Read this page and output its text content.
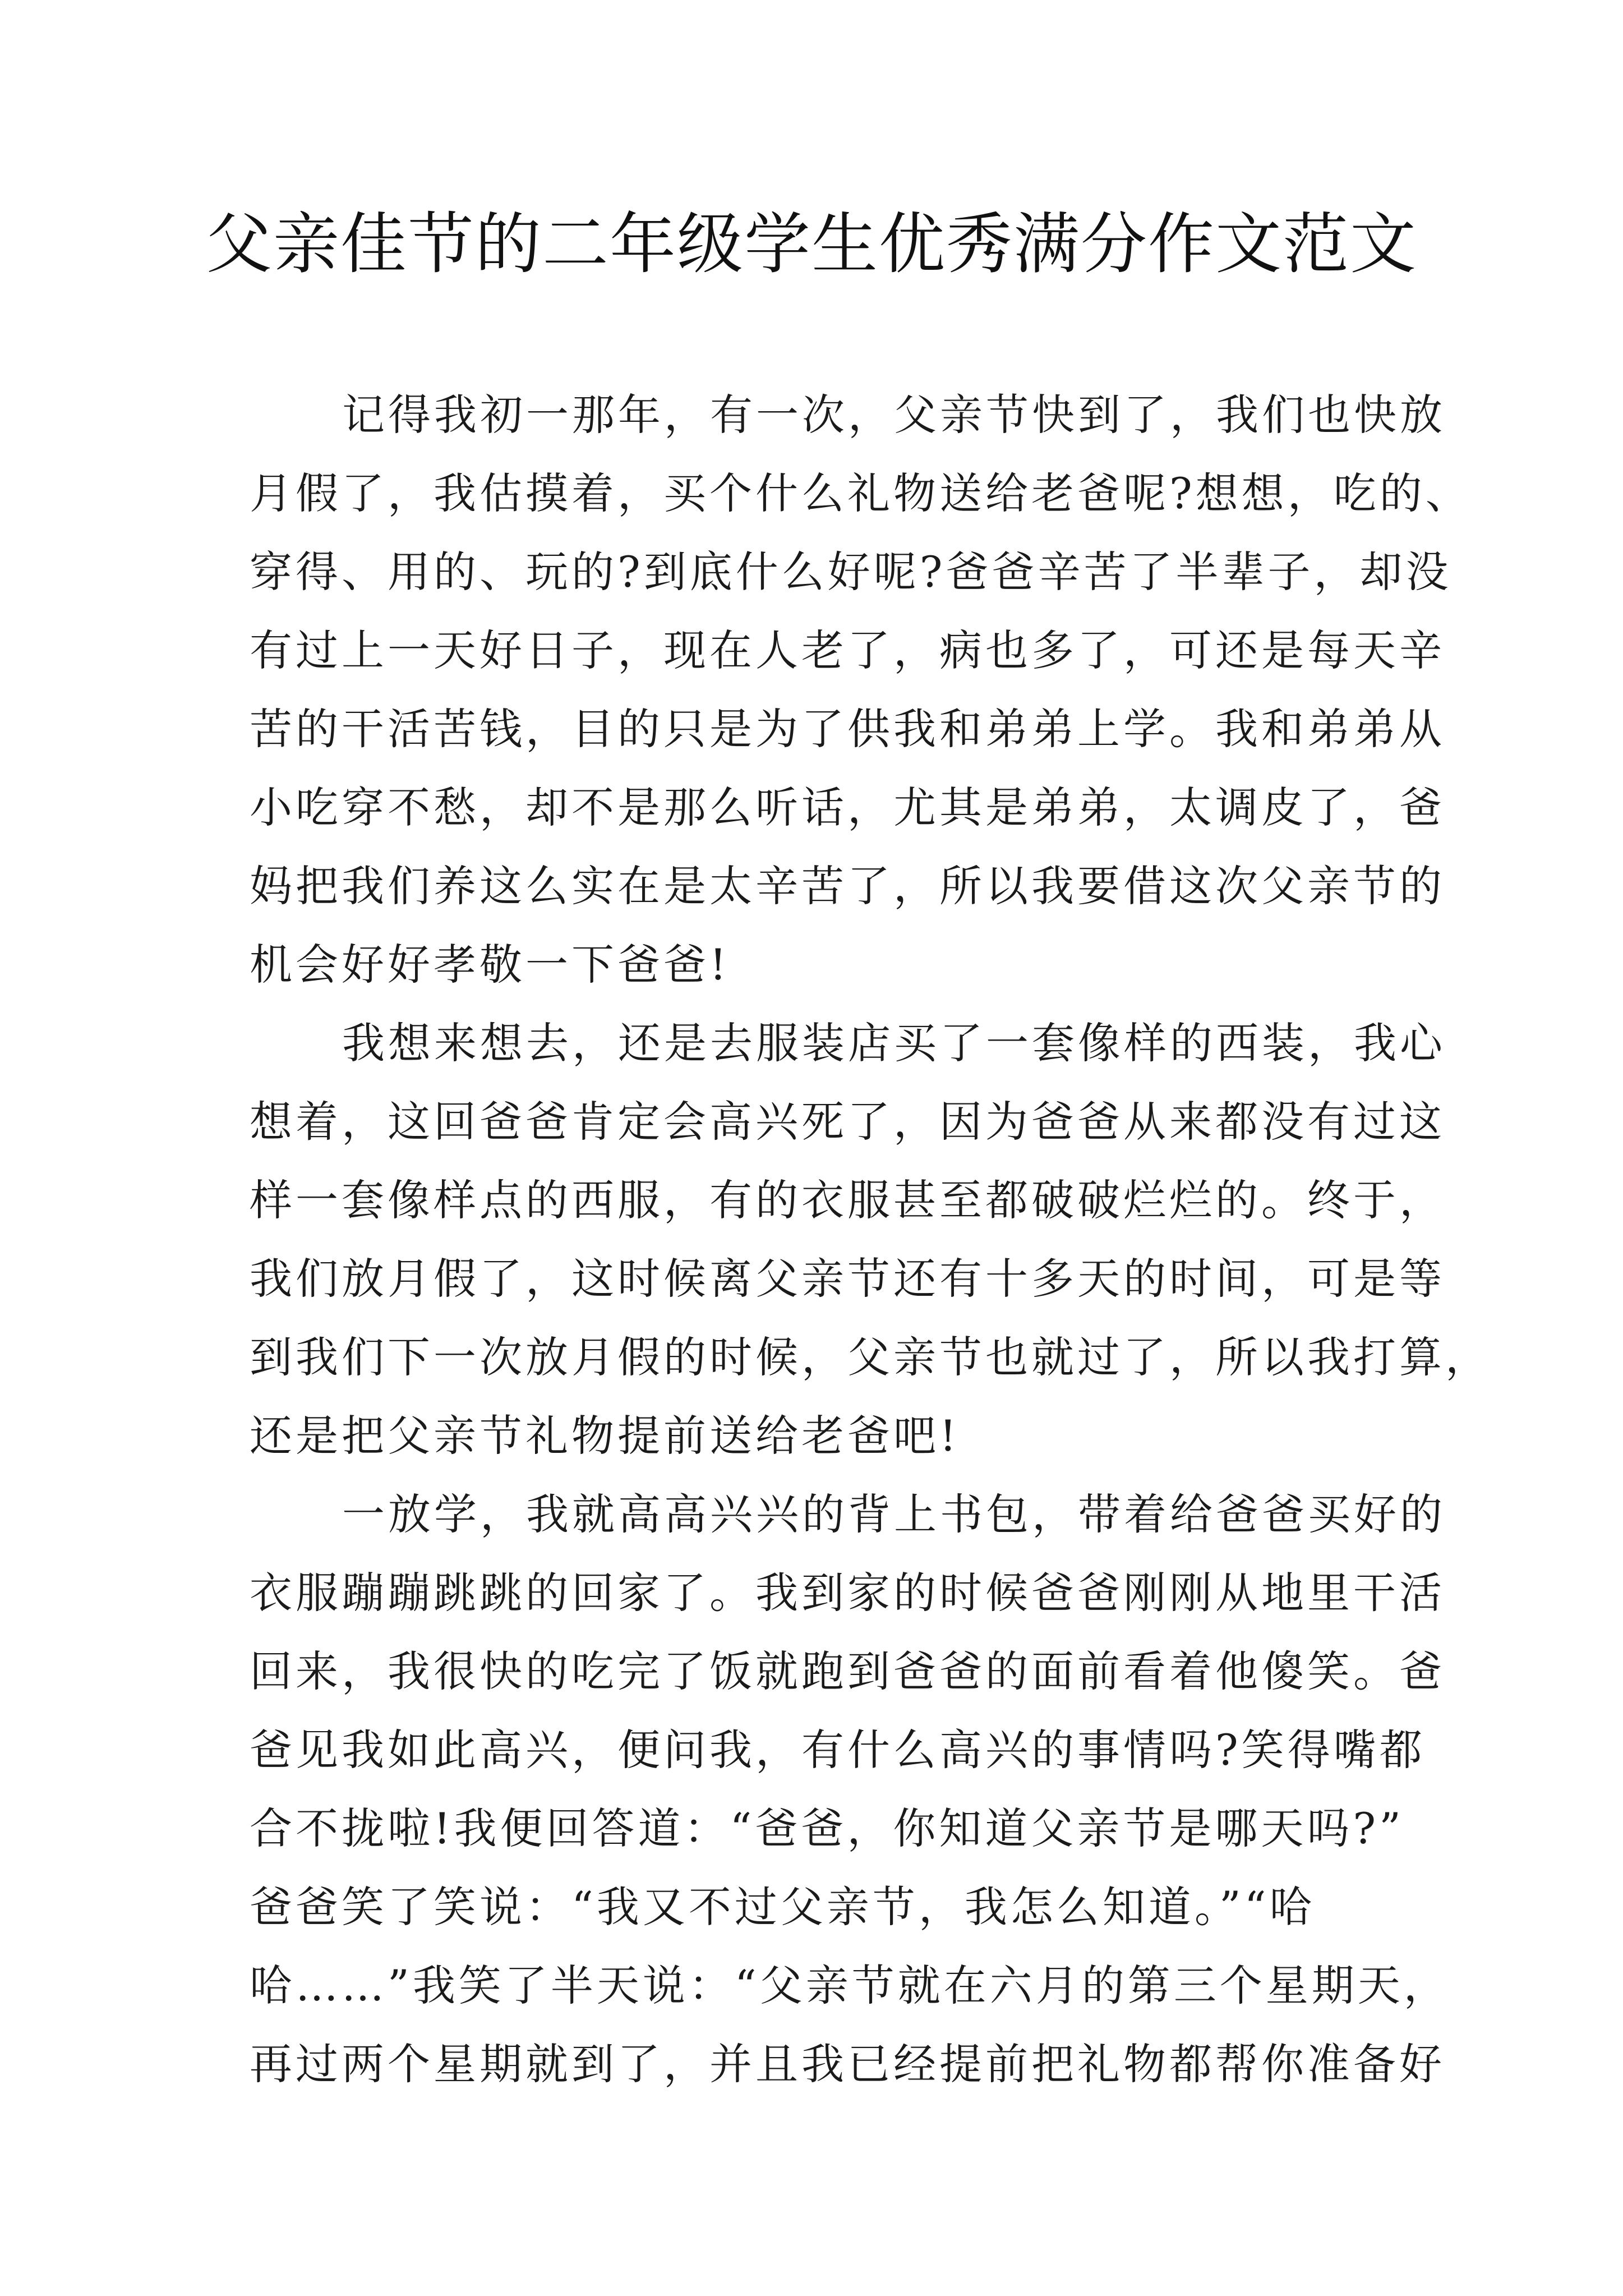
父亲佳节的二年级学生优秀满分作文范文
记得我初一那年，有一次，父亲节快到了，我们也快放
月假了，我估摸着，买个什么礼物送给老爸呢?想想，吃的、
穿得、用的、玩的?到底什么好呢?爸爸辛苦了半辈子，却没
有过上一天好日子，现在人老了，病也多了，可还是每天辛
苦的干活苦钱，目的只是为了供我和弟弟上学。我和弟弟从
小吃穿不愁，却不是那么听话，尤其是弟弟，太调皮了，爸
妈把我们养这么实在是太辛苦了，所以我要借这次父亲节的
机会好好孝敬一下爸爸!
我想来想去，还是去服装店买了一套像样的西装，我心
想着，这回爸爸肯定会高兴死了，因为爸爸从来都没有过这
样一套像样点的西服，有的衣服甚至都破破烂烂的。终于，
我们放月假了，这时候离父亲节还有十多天的时间，可是等
到我们下一次放月假的时候，父亲节也就过了，所以我打算，
还是把父亲节礼物提前送给老爸吧!
一放学，我就高高兴兴的背上书包，带着给爸爸买好的
衣服蹦蹦跳跳的回家了。我到家的时候爸爸刚刚从地里干活
回来，我很快的吃完了饭就跑到爸爸的面前看着他傻笑。爸
爸见我如此高兴，便问我，有什么高兴的事情吗?笑得嘴都
合不拢啦!我便回答道：“爸爸，你知道父亲节是哪天吗?”
爸爸笑了笑说：“我又不过父亲节，我怎么知道。”“哈
哈……”我笑了半天说：“父亲节就在六月的第三个星期天，
再过两个星期就到了，并且我已经提前把礼物都帮你准备好
